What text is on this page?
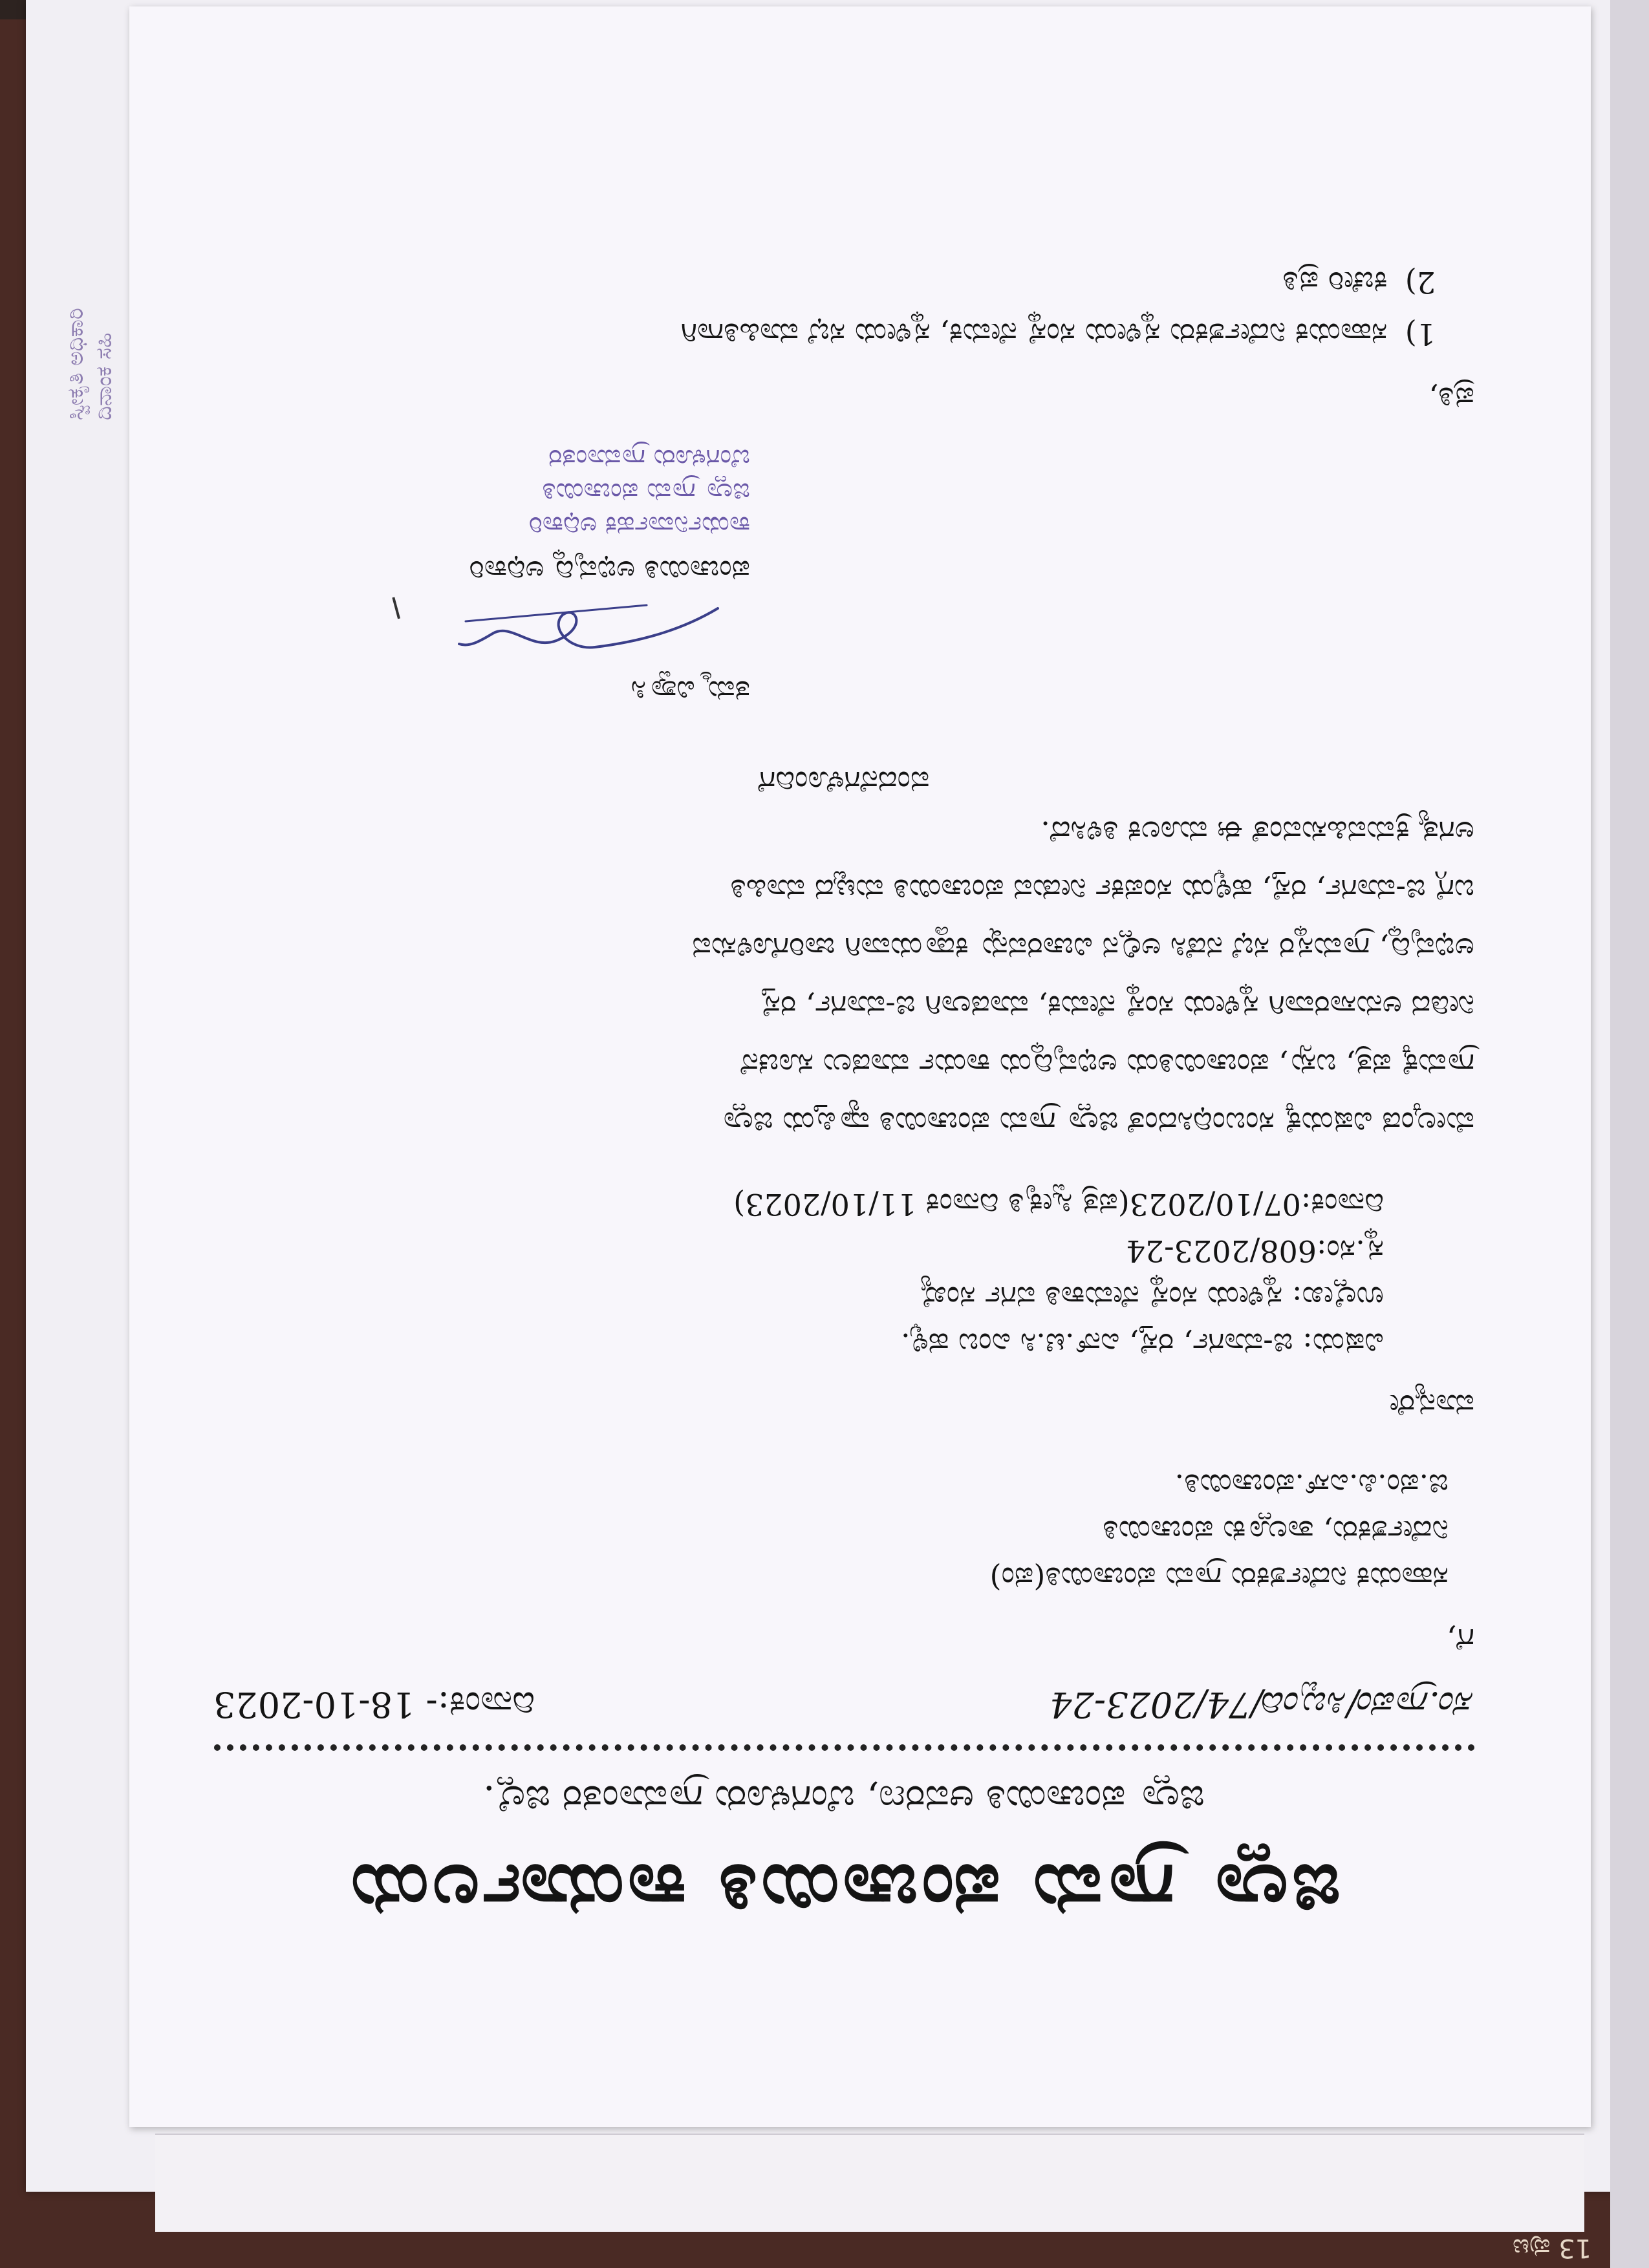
ಸ್ವೀಕೃತಿ ಅಧಿಕಾರಿ ದಿನಾಂಕ ಸಹಿ
13 ಪುಟ
ಜಿಲ್ಲಾ ಗ್ರಾಮ ಪಂಚಾಯಿತಿ ಕಾರ್ಯಾಲಯ
ಜಿಲ್ಲಾ ಪಂಚಾಯಿತಿ ಆವರಣ, ಬೆಂಗಳೂರು ಗ್ರಾಮಾಂತರ ಜಿಲ್ಲೆ.
ಸಂ.ಗ್ರಾಪಂ/ಸಿಬ್ಬಂದಿ/74/2023-24
ದಿನಾಂಕ:- 18-10-2023
ಗೆ,
ಸಹಾಯಕ ನಿರ್ದೇಶಕರು ಗ್ರಾಮ ಪಂಚಾಯಿತಿ(ಪಂ)
ನಿರ್ದೇಶಕರು, ತಾಲ್ಲೂಕು ಪಂಚಾಯಿತಿ
ಜಿ.ಪಂ.ಪಿ.ಎಸ್.ಪಂಚಾಯಿತಿ.
ಮಾನ್ಯರೇ
ವಿಷಯ: ಜಿ-ಮಾರ್ಗ, ರಸ್ತೆ, ಎನ್.ಟಿ.ಸಿ ಎಂಬ ಹಳ್ಳಿ.
ಉಲ್ಲೇಖ: ಸ್ಥಳೀಯ ಸಂಸ್ಥೆ ನೇಮಕಾತಿ ವರ್ಗ ಸಂಖ್ಯೆ
ಸ್ಥ.ಸಂ:608/2023-24
ದಿನಾಂಕ:07/10/2023(ಪತ್ರ ಸ್ವೀಕೃತಿ ದಿನಾಂಕ 11/10/2023)
ಮೇಲ್ಕಂಡ ವಿಷಯಕ್ಕೆ ಸಂಬಂಧಿಸಿದಂತೆ ಜಿಲ್ಲಾ ಗ್ರಾಮ ಪಂಚಾಯಿತಿ ವ್ಯಾಪ್ತಿಯ ಜಿಲ್ಲಾ
ಗ್ರಾಮಕ್ಕೆ ಪತ್ರ, ಬಸ್ಸು, ಪಂಚಾಯಿತಿಯ ಅಭಿವೃದ್ಧಿಯ ಕಾರ್ಯ ಮಾಡಲು ಸೂಚನೆ
ನೀಡಿದ ಅನುಸಾರವಾಗಿ ಸ್ಥಳೀಯ ಸಂಸ್ಥೆ ನೇಮಕ, ಮಾಡಲಾಗಿ ಜಿ-ಮಾರ್ಗ, ರಸ್ತೆ
ಅಭಿವೃದ್ಧಿ, ಗ್ರಾಮಸ್ಥರ ಸಭೆ ನಡೆಸಿ ಅಲ್ಲಿನ ವಿಚಾರವನ್ನು ಕಡ್ಡಾಯವಾಗಿ ಜಾರಿಗೊಳಿಸುವ
ಬಗ್ಗೆ ಜಿ-ಮಾರ್ಗ, ರಸ್ತೆ, ಹಳ್ಳಿಯ ಸಂಪರ್ಕ ನೀಡುವ ಪಂಚಾಯಿತಿ ಮಟ್ಟದ ಮಾಹಿತಿ
ಅಗತ್ಯ ಕ್ರಮವಹಿಸುವಂತೆ ಈ ಮೂಲಕ ತಿಳಿಸಿದೆ.
ವಂದನೆಗಳೊಂದಿಗೆ
ತಮ್ಮ ವಿಶ್ವಾಸಿ
ಪಂಚಾಯಿತಿ ಅಭಿವೃದ್ಧಿ ಅಧಿಕಾರಿ
ಕಾರ್ಯನಿರ್ವಾಹಕ ಅಧಿಕಾರಿ
ಜಿಲ್ಲಾ ಗ್ರಾಮ ಪಂಚಾಯಿತಿ
ಬೆಂಗಳೂರು ಗ್ರಾಮಾಂತರ
ಪ್ರತಿ,
1) ಸಹಾಯಕ ನಿರ್ದೇಶಕರು ಸ್ಥಳೀಯ ಸಂಸ್ಥೆ ನೇಮಕ, ಸ್ಥಳೀಯ ಸಭೆ ಮಾಹಿತಿಗಾಗಿ
2) ಕಚೇರಿ ಪ್ರತಿ
